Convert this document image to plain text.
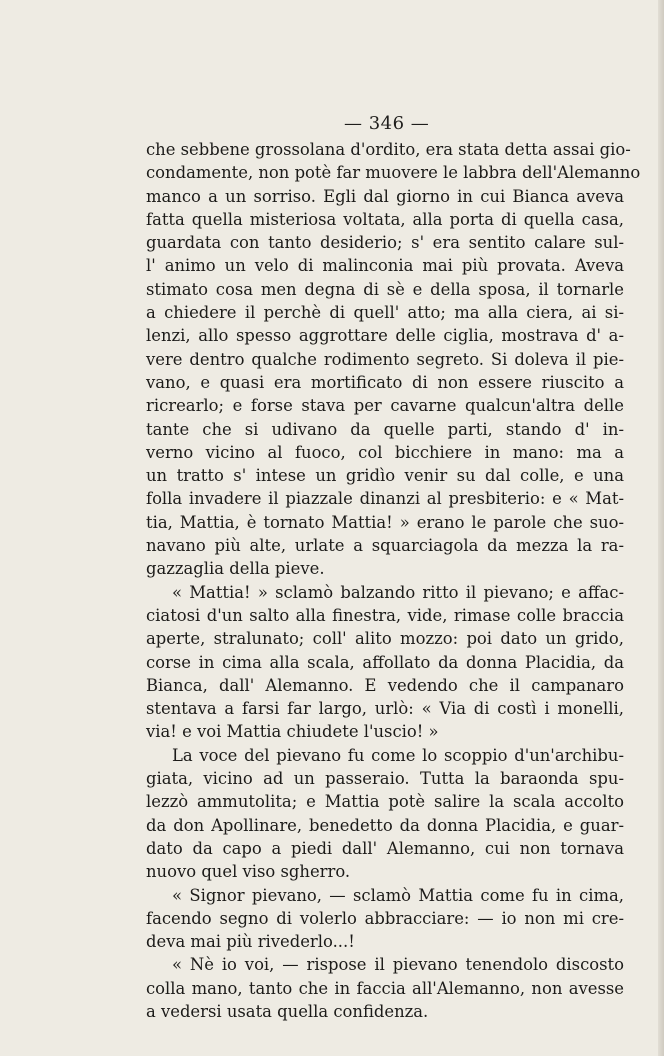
— 346 —
che sebbene grossolana d'ordito, era stata detta assai gio-
condamente, non potè far muovere le labbra dell'Alemanno
manco a un sorriso. Egli dal giorno in cui Bianca aveva
fatta quella misteriosa voltata, alla porta di quella casa,
guardata con tanto desiderio; s' era sentito calare sul-
l' animo un velo di malinconia mai più provata. Aveva
stimato cosa men degna di sè e della sposa, il tornarle
a chiedere il perchè di quell' atto; ma alla ciera, ai si-
lenzi, allo spesso aggrottare delle ciglia, mostrava d' a-
vere dentro qualche rodimento segreto. Si doleva il pie-
vano, e quasi era mortificato di non essere riuscito a
ricrearlo; e forse stava per cavarne qualcun'altra delle
tante che si udivano da quelle parti, stando d' in-
verno vicino al fuoco, col bicchiere in mano: ma a
un tratto s' intese un gridìo venir su dal colle, e una
folla invadere il piazzale dinanzi al presbiterio: e « Mat-
tia, Mattia, è tornato Mattia! » erano le parole che suo-
navano più alte, urlate a squarciagola da mezza la ra-
gazzaglia della pieve.
« Mattia! » sclamò balzando ritto il pievano; e affac-
ciatosi d'un salto alla finestra, vide, rimase colle braccia
aperte, stralunato; coll' alito mozzo: poi dato un grido,
corse in cima alla scala, affollato da donna Placidia, da
Bianca, dall' Alemanno. E vedendo che il campanaro
stentava a farsi far largo, urlò: « Via di costì i monelli,
via! e voi Mattia chiudete l'uscio! »
La voce del pievano fu come lo scoppio d'un'archibu-
giata, vicino ad un passeraio. Tutta la baraonda spu-
lezzò ammutolita; e Mattia potè salire la scala accolto
da don Apollinare, benedetto da donna Placidia, e guar-
dato da capo a piedi dall' Alemanno, cui non tornava
nuovo quel viso sgherro.
« Signor pievano, — sclamò Mattia come fu in cima,
facendo segno di volerlo abbracciare: — io non mi cre-
deva mai più rivederlo...!
« Nè io voi, — rispose il pievano tenendolo discosto
colla mano, tanto che in faccia all'Alemanno, non avesse
a vedersi usata quella confidenza.
